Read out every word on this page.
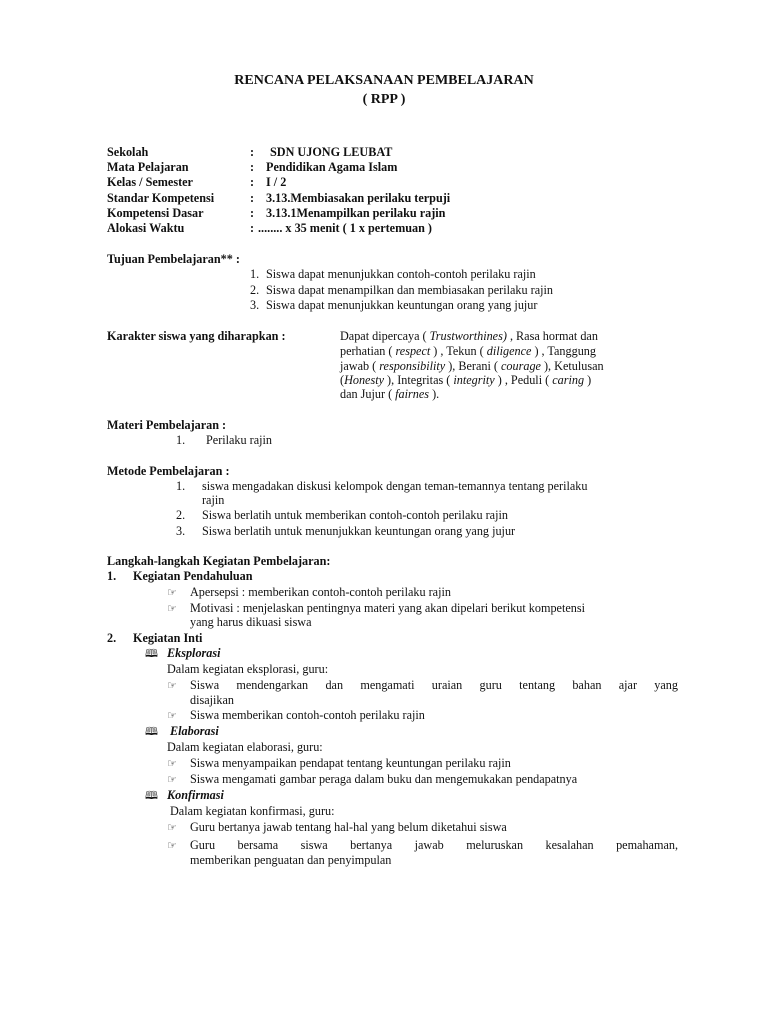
RENCANA PELAKSANAAN PEMBELAJARAN
( RPP )
Sekolah
Mata Pelajaran
Kelas / Semester
Standar Kompetensi
Kompetensi Dasar
Alokasi Waktu
:
:
:
:
:
:
SDN UJONG LEUBAT
Pendidikan Agama Islam
I / 2
3.13.Membiasakan perilaku terpuji
3.13.1Menampilkan perilaku rajin
........ x 35 menit ( 1 x pertemuan )
Tujuan Pembelajaran** :
1. Siswa dapat menunjukkan contoh-contoh perilaku rajin
2. Siswa dapat menampilkan dan membiasakan perilaku rajin
3. Siswa dapat menunjukkan keuntungan orang yang jujur
Karakter siswa yang diharapkan :	Dapat dipercaya ( Trustworthines) , Rasa hormat dan
perhatian ( respect ) , Tekun ( diligence ) , Tanggung
jawab ( responsibility ), Berani ( courage ), Ketulusan
(Honesty ), Integritas ( integrity ) , Peduli ( caring )
dan Jujur ( fairnes ).
Materi Pembelajaran :
1. Perilaku rajin
Metode Pembelajaran :
1. siswa mengadakan diskusi kelompok dengan teman-temannya tentang perilaku
rajin
2. Siswa berlatih untuk memberikan contoh-contoh perilaku rajin
3. Siswa berlatih untuk menunjukkan keuntungan orang yang jujur
Langkah-langkah Kegiatan Pembelajaran:
1. Kegiatan Pendahuluan
☞ Apersepsi : memberikan contoh-contoh perilaku rajin
☞ Motivasi : menjelaskan pentingnya materi yang akan dipelari berikut kompetensi
yang harus dikuasi siswa
2. Kegiatan Inti
🕮 Eksplorasi
Dalam kegiatan eksplorasi, guru:
☞ Siswa mendengarkan dan mengamati uraian guru tentang bahan ajar yang
disajikan
☞ Siswa memberikan contoh-contoh perilaku rajin
🕮 Elaborasi
Dalam kegiatan elaborasi, guru:
☞ Siswa menyampaikan pendapat tentang keuntungan perilaku rajin
☞ Siswa mengamati gambar peraga dalam buku dan mengemukakan pendapatnya
🕮 Konfirmasi
Dalam kegiatan konfirmasi, guru:
☞ Guru bertanya jawab tentang hal-hal yang belum diketahui siswa
☞ Guru bersama siswa bertanya jawab meluruskan kesalahan pemahaman,
memberikan penguatan dan penyimpulan
